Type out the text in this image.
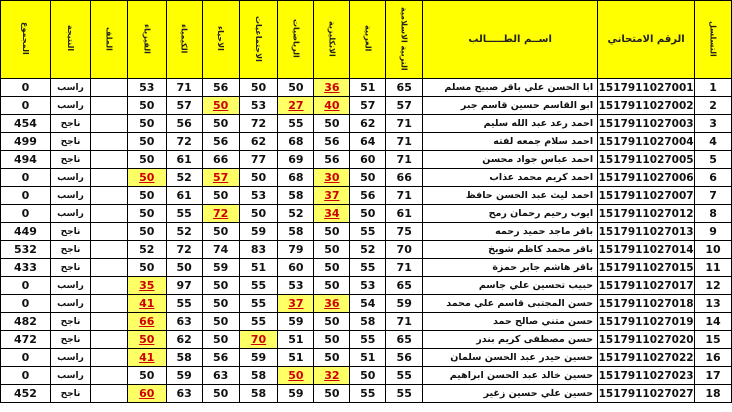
التسلسل	الرقم الامتحاني	اســم الطـــــالب	التربية الاسلامية	العربية	الانكليزية	الرياضيات	الاجتماعيات	الاحياء	الكيمياء	الفيزياء	الملف	النتيجة	المجموع
1	1517911027001	ابا الحسن علي باقر صبيح مسلم	65	51	36	50	50	56	71	53		راسب	0
2	1517911027002	ابو القاسم حسين قاسم جبر	57	57	40	27	53	50	57	50		راسب	0
3	1517911027003	احمد رعد عبد الله سليم	71	62	50	55	72	50	56	50		ناجح	454
4	1517911027004	احمد سلام جمعه لفته	71	64	56	68	62	56	72	50		ناجح	499
5	1517911027005	احمد عباس جواد محسن	71	60	56	69	77	66	61	50		ناجح	494
6	1517911027006	احمد كريم محمد عذاب	66	50	30	68	50	57	52	50		راسب	0
7	1517911027007	احمد ليث عبد الحسن حافظ	71	56	37	58	53	50	61	50		راسب	0
8	1517911027012	ايوب رحيم رحمان رمح	61	50	34	52	50	72	55	50		راسب	0
9	1517911027013	باقر ماجد حميد رحمه	75	55	50	58	59	50	52	50		ناجح	449
10	1517911027014	باقر محمد كاظم شويخ	70	52	50	79	83	74	72	52		ناجح	532
11	1517911027015	باقر هاشم جابر حمزة	71	55	50	60	51	59	50	50		ناجح	433
12	1517911027017	حبيب تحسين علي جاسم	65	53	50	53	55	50	97	35		راسب	0
13	1517911027018	حسن المجتبى قاسم علي محمد	59	54	36	37	55	50	55	41		راسب	0
14	1517911027019	حسن متني صالح حمد	71	58	50	59	55	50	63	66		ناجح	482
15	1517911027020	حسن مصطفى كريم بندر	65	55	50	51	70	50	62	50		ناجح	472
16	1517911027022	حسين حيدر عبد الحسن سلمان	56	51	50	51	59	56	58	41		راسب	0
17	1517911027023	حسين خالد عبد الحسن ابراهيم	55	50	32	50	58	63	59	50		راسب	0
18	1517911027027	حسين علي حسين زغير	55	55	50	59	58	50	63	60		ناجح	452
